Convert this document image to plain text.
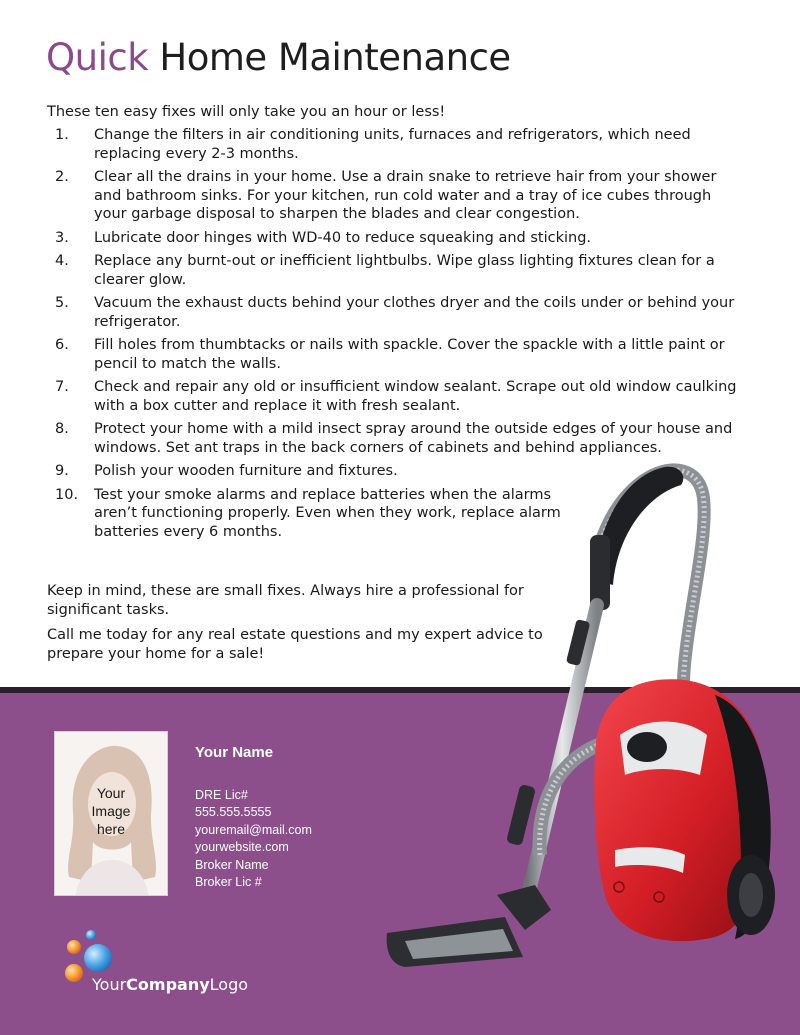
Quick Home Maintenance
These ten easy fixes will only take you an hour or less!
1. Change the filters in air conditioning units, furnaces and refrigerators, which need replacing every 2-3 months.
2. Clear all the drains in your home. Use a drain snake to retrieve hair from your shower and bathroom sinks. For your kitchen, run cold water and a tray of ice cubes through your garbage disposal to sharpen the blades and clear congestion.
3. Lubricate door hinges with WD-40 to reduce squeaking and sticking.
4. Replace any burnt-out or inefficient lightbulbs. Wipe glass lighting fixtures clean for a clearer glow.
5. Vacuum the exhaust ducts behind your clothes dryer and the coils under or behind your refrigerator.
6. Fill holes from thumbtacks or nails with spackle. Cover the spackle with a little paint or pencil to match the walls.
7. Check and repair any old or insufficient window sealant. Scrape out old window caulking with a box cutter and replace it with fresh sealant.
8. Protect your home with a mild insect spray around the outside edges of your house and windows. Set ant traps in the back corners of cabinets and behind appliances.
9. Polish your wooden furniture and fixtures.
10. Test your smoke alarms and replace batteries when the alarms aren’t functioning properly. Even when they work, replace alarm batteries every 6 months.
Keep in mind, these are small fixes. Always hire a professional for significant tasks.
Call me today for any real estate questions and my expert advice to prepare your home for a sale!
Your
Image
here
Your Name
DRE Lic#
555.555.5555
youremail@mail.com
yourwebsite.com
Broker Name
Broker Lic #
YourCompanyLogo
